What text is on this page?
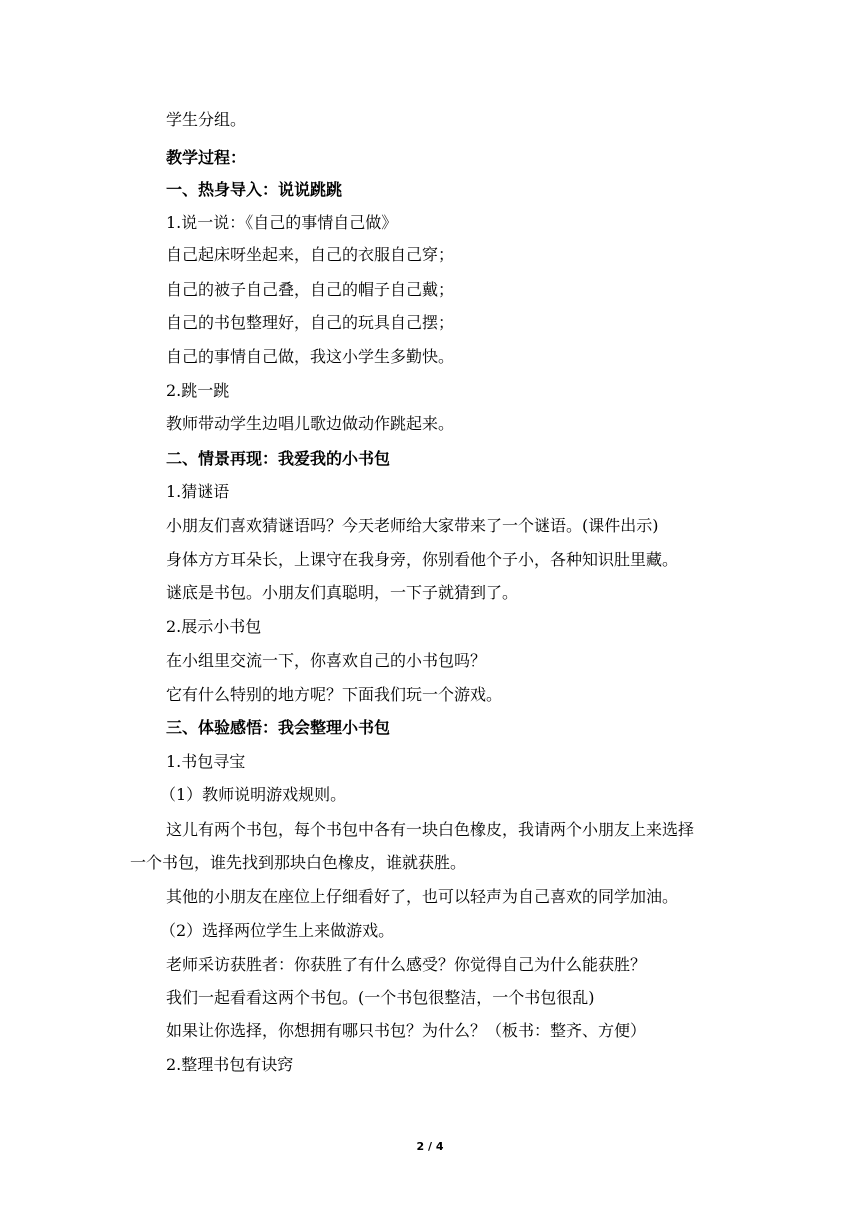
学生分组。
教学过程：
一、热身导入：说说跳跳
1.说一说：《自己的事情自己做》
自己起床呀坐起来，自己的衣服自己穿；
自己的被子自己叠，自己的帽子自己戴；
自己的书包整理好，自己的玩具自己摆；
自己的事情自己做，我这小学生多勤快。
2.跳一跳
教师带动学生边唱儿歌边做动作跳起来。
二、情景再现：我爱我的小书包
1.猜谜语
小朋友们喜欢猜谜语吗？今天老师给大家带来了一个谜语。(课件出示)
身体方方耳朵长，上课守在我身旁，你别看他个子小，各种知识肚里藏。
谜底是书包。小朋友们真聪明，一下子就猜到了。
2.展示小书包
在小组里交流一下，你喜欢自己的小书包吗？
它有什么特别的地方呢？下面我们玩一个游戏。
三、体验感悟：我会整理小书包
1.书包寻宝
（1）教师说明游戏规则。
这儿有两个书包，每个书包中各有一块白色橡皮，我请两个小朋友上来选择
一个书包，谁先找到那块白色橡皮，谁就获胜。
其他的小朋友在座位上仔细看好了，也可以轻声为自己喜欢的同学加油。
（2）选择两位学生上来做游戏。
老师采访获胜者：你获胜了有什么感受？你觉得自己为什么能获胜？
我们一起看看这两个书包。(一个书包很整洁，一个书包很乱)
如果让你选择，你想拥有哪只书包？为什么？（板书：整齐、方便）
2.整理书包有诀窍
2 / 4
